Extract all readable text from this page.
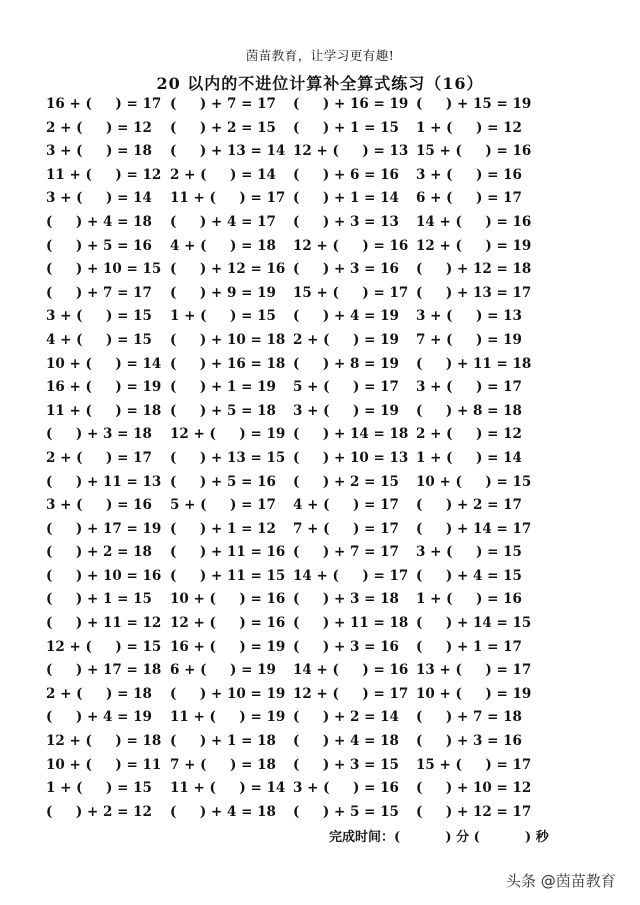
茵苗教育，让学习更有趣!
20 以内的不进位计算补全算式练习（16）
16 + (     ) = 17 (     ) + 7 = 17 (     ) + 16 = 19 (     ) + 15 = 19
2 + (     ) = 12 (     ) + 2 = 15 (     ) + 1 = 15 1 + (     ) = 12
3 + (     ) = 18 (     ) + 13 = 14 12 + (     ) = 13 15 + (     ) = 16
11 + (     ) = 12 2 + (     ) = 14 (     ) + 6 = 16 3 + (     ) = 16
3 + (     ) = 14 11 + (     ) = 17 (     ) + 1 = 14 6 + (     ) = 17
(     ) + 4 = 18 (     ) + 4 = 17 (     ) + 3 = 13 14 + (     ) = 16
(     ) + 5 = 16 4 + (     ) = 18 12 + (     ) = 16 12 + (     ) = 19
(     ) + 10 = 15 (     ) + 12 = 16 (     ) + 3 = 16 (     ) + 12 = 18
(     ) + 7 = 17 (     ) + 9 = 19 15 + (     ) = 17 (     ) + 13 = 17
3 + (     ) = 15 1 + (     ) = 15 (     ) + 4 = 19 3 + (     ) = 13
4 + (     ) = 15 (     ) + 10 = 18 2 + (     ) = 19 7 + (     ) = 19
10 + (     ) = 14 (     ) + 16 = 18 (     ) + 8 = 19 (     ) + 11 = 18
16 + (     ) = 19 (     ) + 1 = 19 5 + (     ) = 17 3 + (     ) = 17
11 + (     ) = 18 (     ) + 5 = 18 3 + (     ) = 19 (     ) + 8 = 18
(     ) + 3 = 18 12 + (     ) = 19 (     ) + 14 = 18 2 + (     ) = 12
2 + (     ) = 17 (     ) + 13 = 15 (     ) + 10 = 13 1 + (     ) = 14
(     ) + 11 = 13 (     ) + 5 = 16 (     ) + 2 = 15 10 + (     ) = 15
3 + (     ) = 16 5 + (     ) = 17 4 + (     ) = 17 (     ) + 2 = 17
(     ) + 17 = 19 (     ) + 1 = 12 7 + (     ) = 17 (     ) + 14 = 17
(     ) + 2 = 18 (     ) + 11 = 16 (     ) + 7 = 17 3 + (     ) = 15
(     ) + 10 = 16 (     ) + 11 = 15 14 + (     ) = 17 (     ) + 4 = 15
(     ) + 1 = 15 10 + (     ) = 16 (     ) + 3 = 18 1 + (     ) = 16
(     ) + 11 = 12 12 + (     ) = 16 (     ) + 11 = 18 (     ) + 14 = 15
12 + (     ) = 15 16 + (     ) = 19 (     ) + 3 = 16 (     ) + 1 = 17
(     ) + 17 = 18 6 + (     ) = 19 14 + (     ) = 16 13 + (     ) = 17
2 + (     ) = 18 (     ) + 10 = 19 12 + (     ) = 17 10 + (     ) = 19
(     ) + 4 = 19 11 + (     ) = 19 (     ) + 2 = 14 (     ) + 7 = 18
12 + (     ) = 18 (     ) + 1 = 18 (     ) + 4 = 18 (     ) + 3 = 16
10 + (     ) = 11 7 + (     ) = 18 (     ) + 3 = 15 15 + (     ) = 17
1 + (     ) = 15 11 + (     ) = 14 3 + (     ) = 16 (     ) + 10 = 12
(     ) + 2 = 12 (     ) + 4 = 18 (     ) + 5 = 15 (     ) + 12 = 17
完成时间：(          ) 分 (          ) 秒
头条 @茵苗教育
